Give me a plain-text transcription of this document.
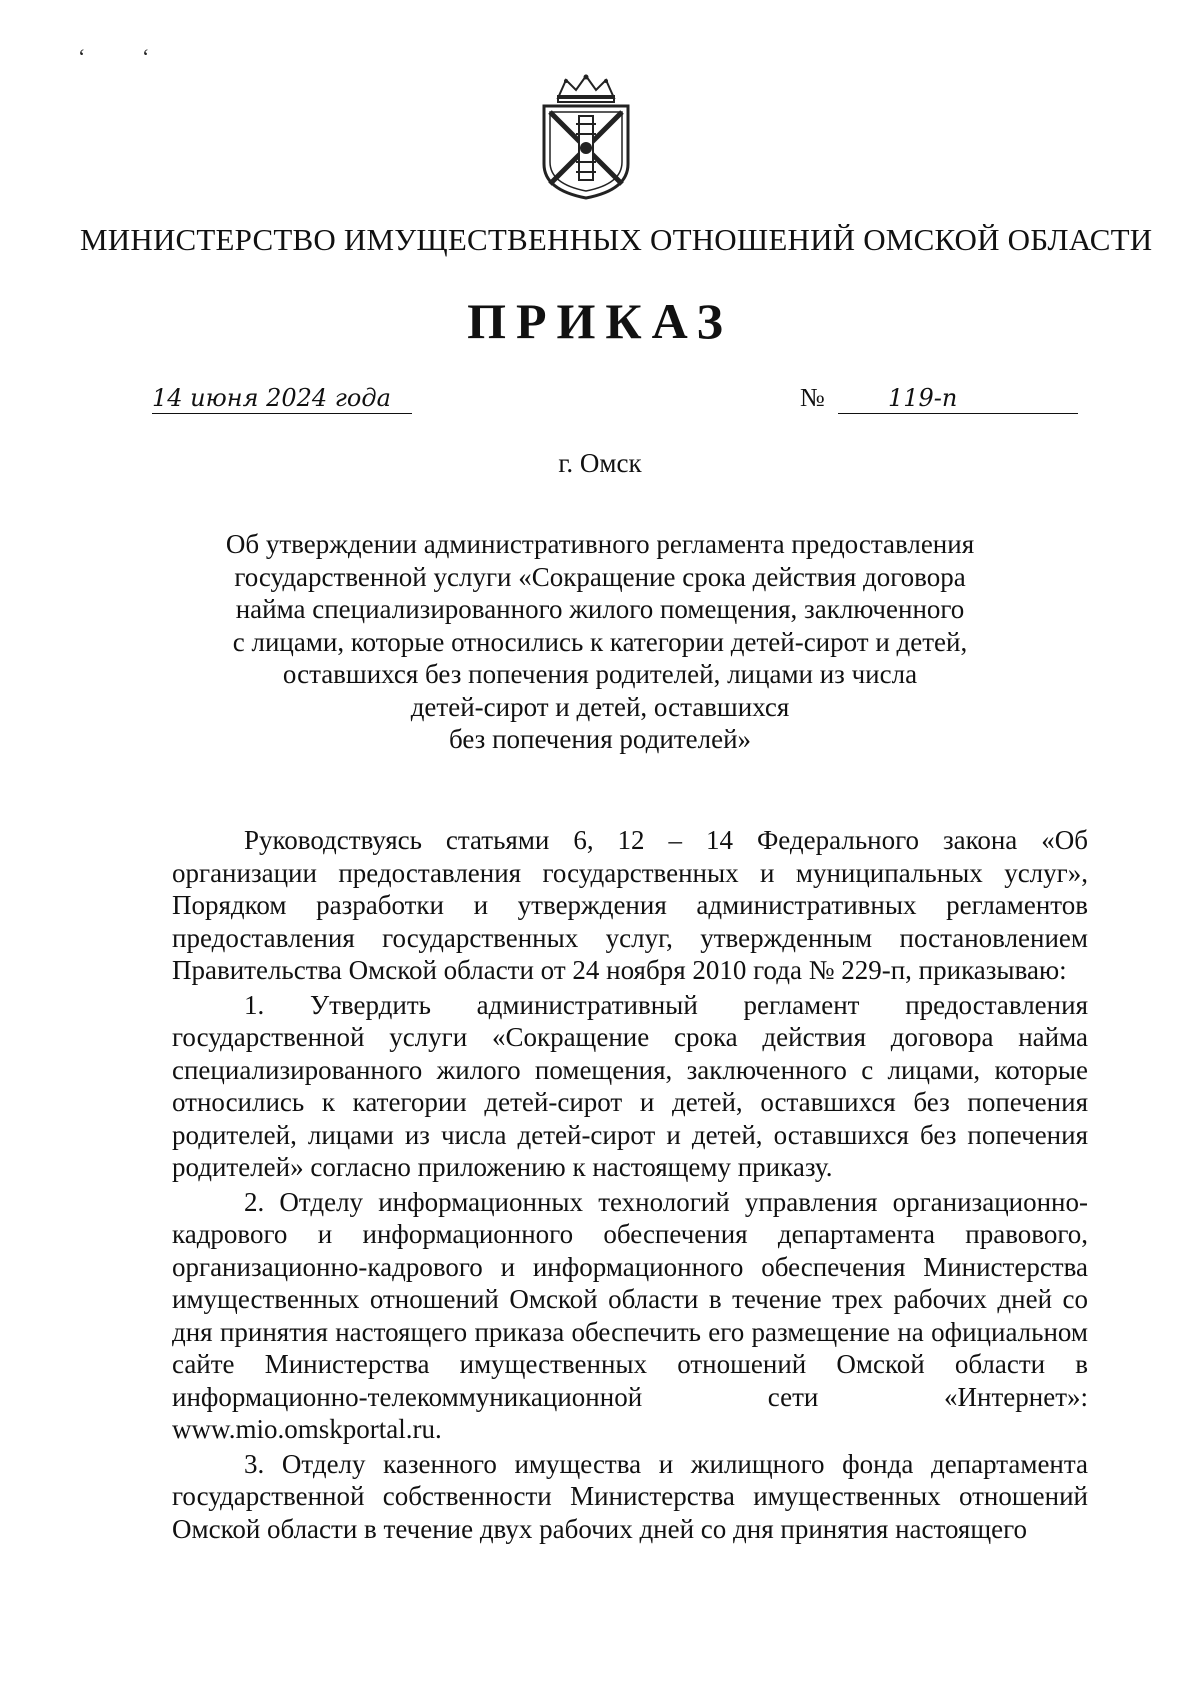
ʻ	ʻ
МИНИСТЕРСТВО ИМУЩЕСТВЕННЫХ ОТНОШЕНИЙ ОМСКОЙ ОБЛАСТИ
ПРИКАЗ
14 июня 2024 года	№	119-п
г. Омск
Об утверждении административного регламента предоставления
государственной услуги «Сокращение срока действия договора
найма специализированного жилого помещения, заключенного
с лицами, которые относились к категории детей-сирот и детей,
оставшихся без попечения родителей, лицами из числа
детей-сирот и детей, оставшихся
без попечения родителей»

Руководствуясь статьями 6, 12 – 14 Федерального закона «Об организации предоставления государственных и муниципальных услуг», Порядком разработки и утверждения административных регламентов предоставления государственных услуг, утвержденным постановлением Правительства Омской области от 24 ноября 2010 года № 229-п, приказываю:

1. Утвердить административный регламент предоставления государственной услуги «Сокращение срока действия договора найма специализированного жилого помещения, заключенного с лицами, которые относились к категории детей-сирот и детей, оставшихся без попечения родителей, лицами из числа детей-сирот и детей, оставшихся без попечения родителей» согласно приложению к настоящему приказу.

2. Отделу информационных технологий управления организационно-кадрового и информационного обеспечения департамента правового, организационно-кадрового и информационного обеспечения Министерства имущественных отношений Омской области в течение трех рабочих дней со дня принятия настоящего приказа обеспечить его размещение на официальном сайте Министерства имущественных отношений Омской области в информационно-телекоммуникационной сети «Интернет»: www.mio.omskportal.ru.

3. Отделу казенного имущества и жилищного фонда департамента государственной собственности Министерства имущественных отношений Омской области в течение двух рабочих дней со дня принятия настоящего
